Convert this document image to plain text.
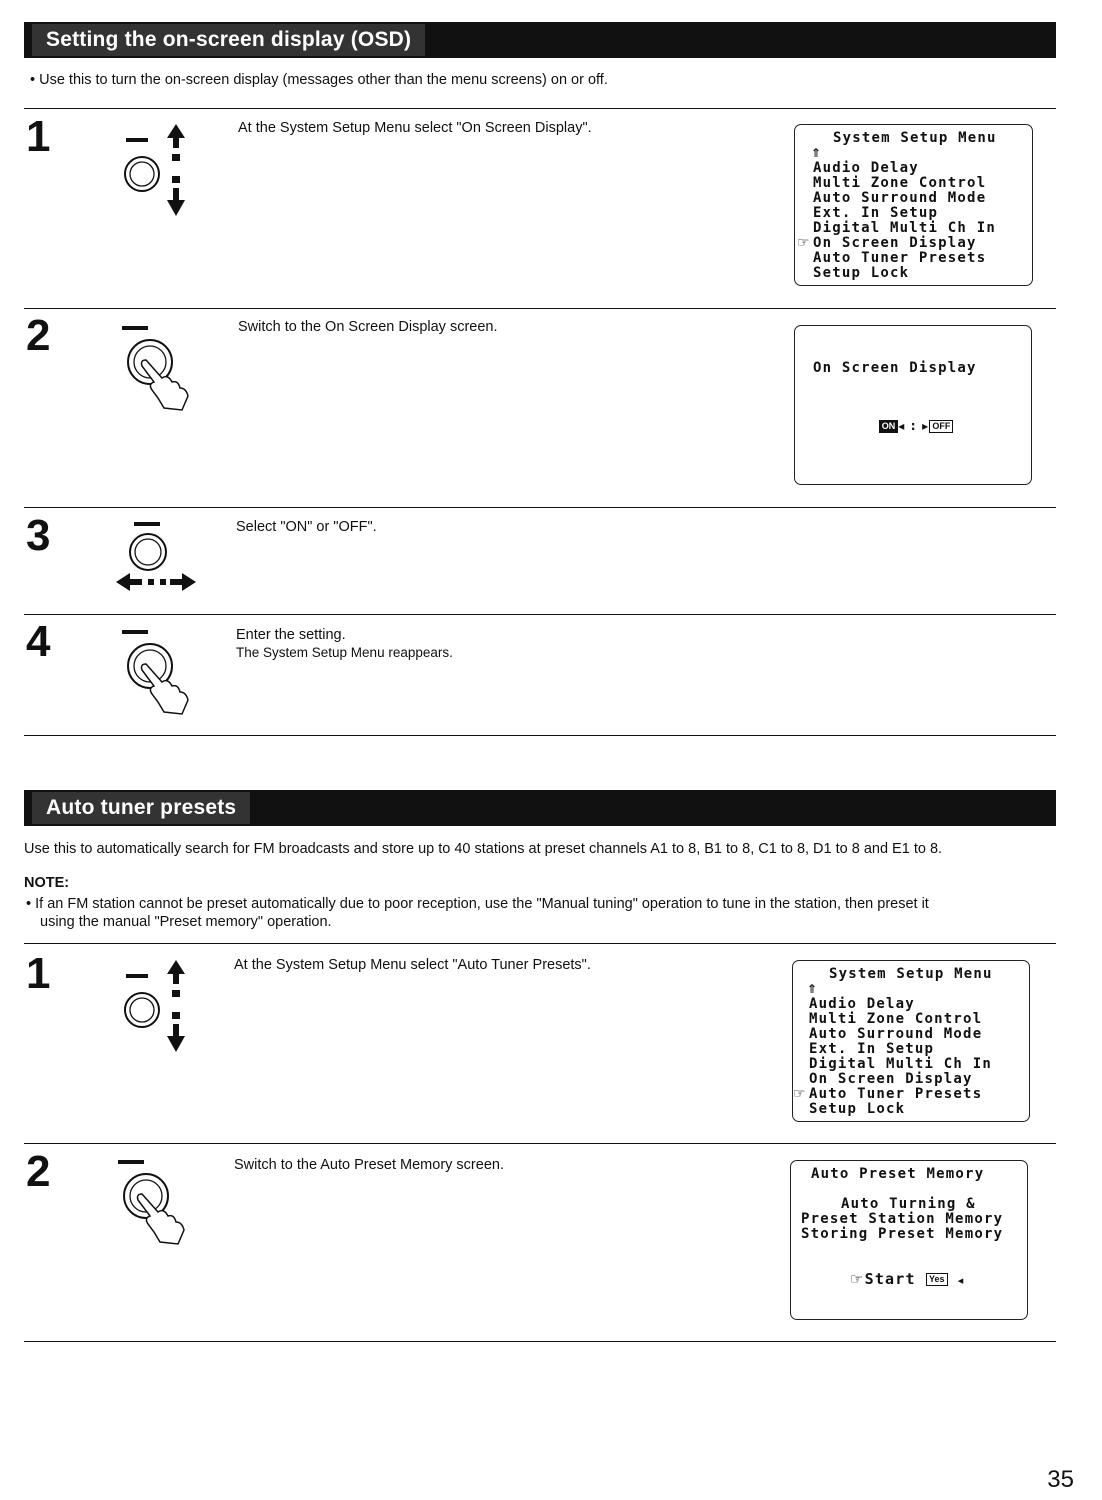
Setting the on-screen display (OSD)
• Use this to turn the on-screen display (messages other than the menu screens) on or off.
1	At the System Setup Menu select "On Screen Display".
System Setup Menu
⇑
Audio Delay
Multi Zone Control
Auto Surround Mode
Ext. In Setup
Digital Multi Ch In
☞ On Screen Display
Auto Tuner Presets
Setup Lock
2	Switch to the On Screen Display screen.
On Screen Display

ON ◂ : ▸ OFF

3	Select "ON" or "OFF".
4	Enter the setting.
The System Setup Menu reappears.
Auto tuner presets
Use this to automatically search for FM broadcasts and store up to 40 stations at preset channels A1 to 8, B1 to 8, C1 to 8, D1 to 8 and E1 to 8.
NOTE:
• If an FM station cannot be preset automatically due to poor reception, use the "Manual tuning" operation to tune in the station, then preset it
using the manual "Preset memory" operation.
1	At the System Setup Menu select "Auto Tuner Presets".
System Setup Menu
⇑
Audio Delay
Multi Zone Control
Auto Surround Mode
Ext. In Setup
Digital Multi Ch In
On Screen Display
☞ Auto Tuner Presets
Setup Lock
2	Switch to the Auto Preset Memory screen.
Auto Preset Memory
Auto Turning &
Preset Station Memory
Storing Preset Memory

☞Start Yes ◂

35
